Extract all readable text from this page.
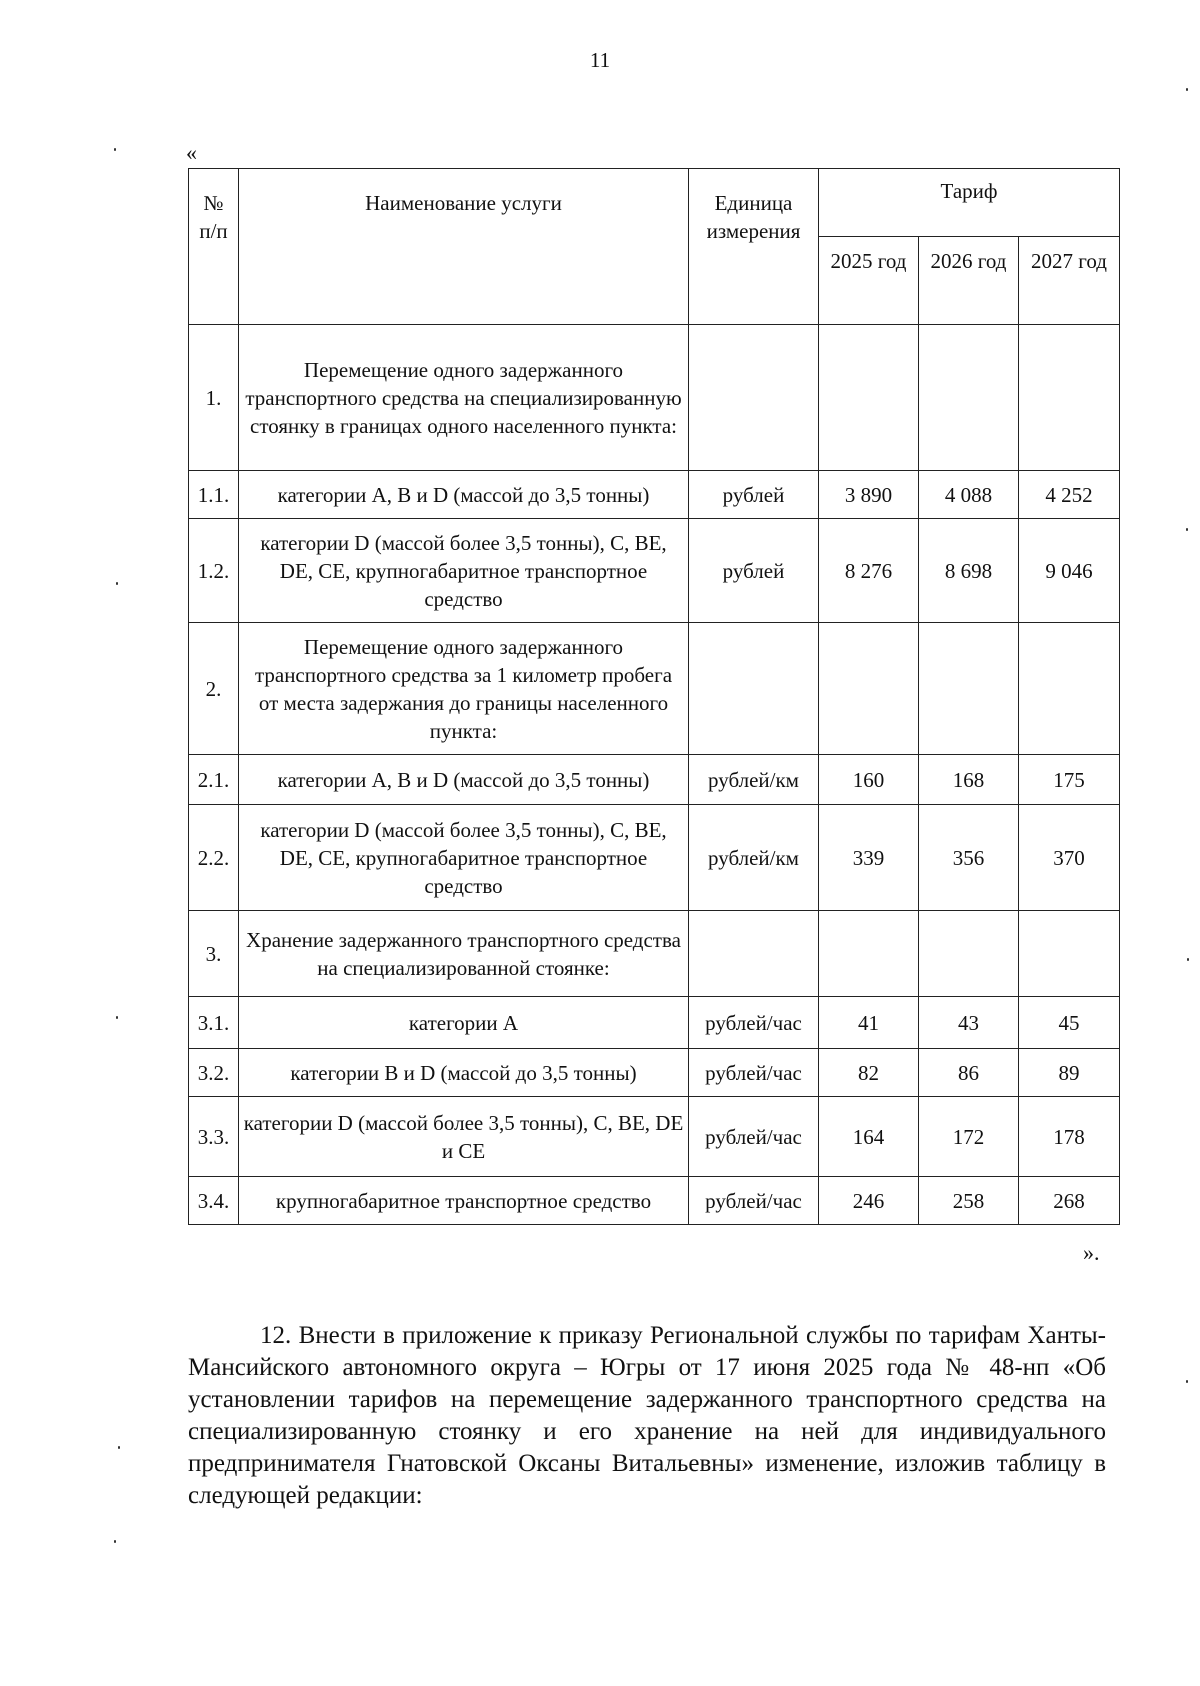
11
«
№ п/п	Наименование услуги	Единица измерения	Тариф		
			2025 год	2026 год	2027 год
1.	Перемещение одного задержанного транспортного средства на специализированную стоянку в границах одного населенного пункта:				
1.1.	категории A, B и D (массой до 3,5 тонны)	рублей	3 890	4 088	4 252
1.2.	категории D (массой более 3,5 тонны), C, BE, DE, CE, крупногабаритное транспортное средство	рублей	8 276	8 698	9 046
2.	Перемещение одного задержанного транспортного средства за 1 километр пробега от места задержания до границы населенного пункта:				
2.1.	категории A, B и D (массой до 3,5 тонны)	рублей/км	160	168	175
2.2.	категории D (массой более 3,5 тонны), C, BE, DE, CE, крупногабаритное транспортное средство	рублей/км	339	356	370
3.	Хранение задержанного транспортного средства на специализированной стоянке:				
3.1.	категории A	рублей/час	41	43	45
3.2.	категории B и D (массой до 3,5 тонны)	рублей/час	82	86	89
3.3.	категории D (массой более 3,5 тонны), C, BE, DE и CE	рублей/час	164	172	178
3.4.	крупногабаритное транспортное средство	рублей/час	246	258	268
».

12. Внести в приложение к приказу Региональной службы по тарифам Ханты-Мансийского автономного округа – Югры от 17 июня 2025 года № 48-нп «Об установлении тарифов на перемещение задержанного транспортного средства на специализированную стоянку и его хранение на ней для индивидуального предпринимателя Гнатовской Оксаны Витальевны» изменение, изложив таблицу в следующей редакции:
